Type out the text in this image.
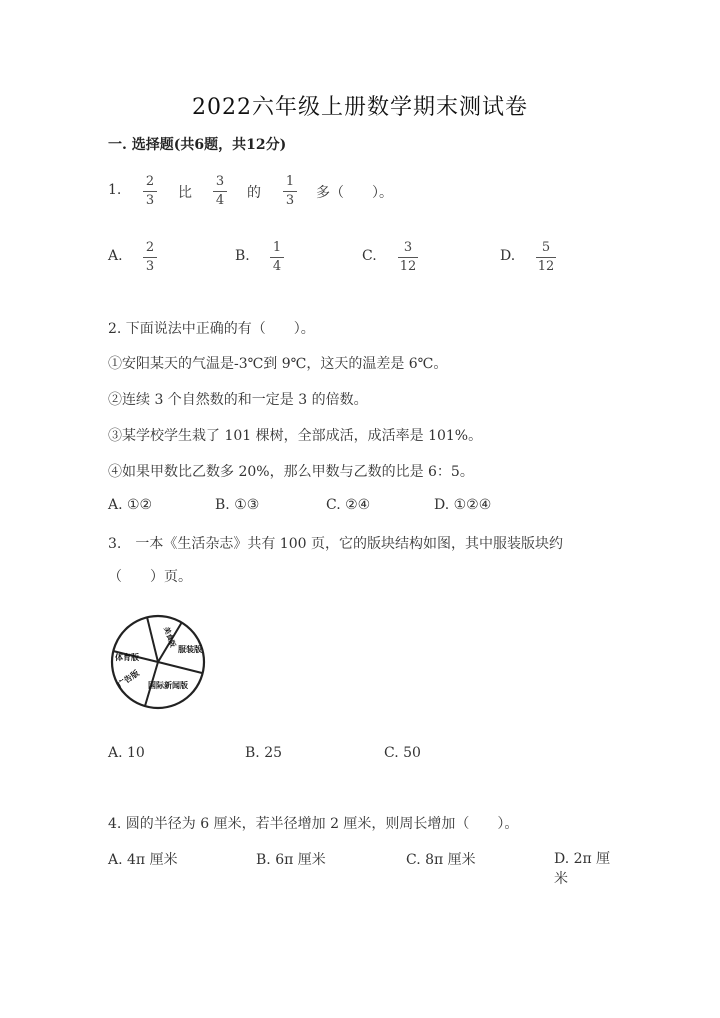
2022六年级上册数学期末测试卷
一. 选择题(共6题，共12分)
1.
2
3 比
3
4 的
1
3 多（　　）。
A.
2
3
B.
1
4
C.
3
12
D.
5
12
2. 下面说法中正确的有（　　）。
①安阳某天的气温是-3℃到 9℃，这天的温差是 6℃。
②连续 3 个自然数的和一定是 3 的倍数。
③某学校学生栽了 101 棵树，全部成活，成活率是 101%。
④如果甲数比乙数多 20%，那么甲数与乙数的比是 6：5。
A. ①②	B. ①③	C. ②④	D. ①②④
3.　一本《生活杂志》共有 100 页，它的版块结构如图，其中服装版块约
（　　）页。
美食版
服装版
体育版
广告版 国际新闻版
A. 10	B. 25	C. 50
4. 圆的半径为 6 厘米，若半径增加 2 厘米，则周长增加（　　）。
A. 4π 厘米	B. 6π 厘米	C. 8π 厘米	D. 2π 厘米
